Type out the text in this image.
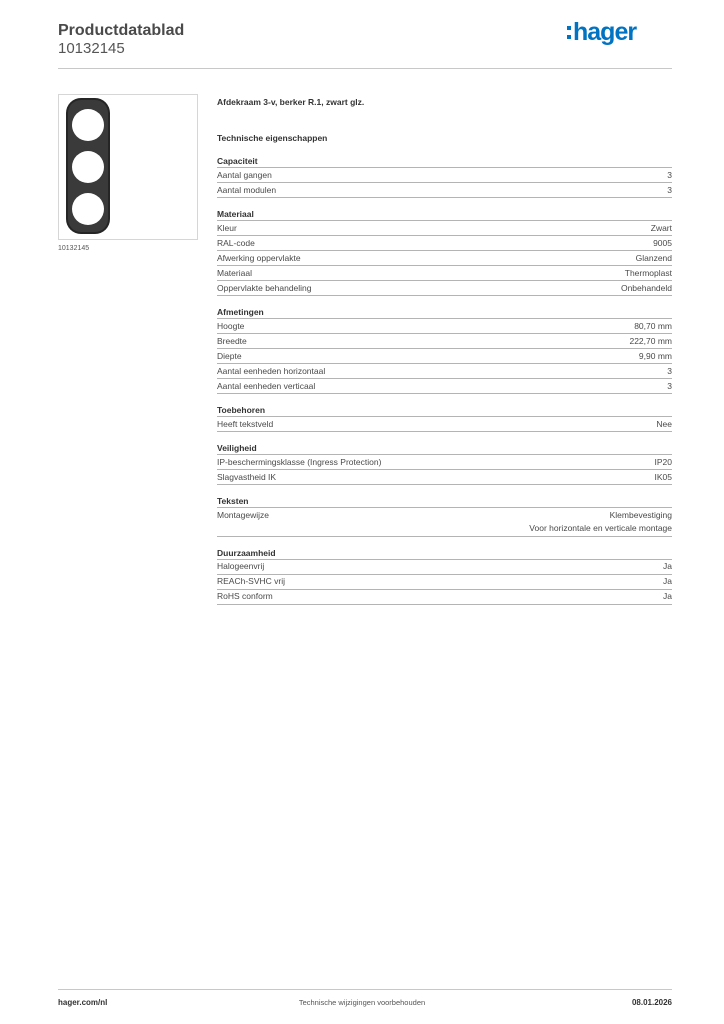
Productdatablad
10132145
hager
10132145
Afdekraam 3-v, berker R.1, zwart glz.
Technische eigenschappen
Capaciteit
Aantal gangen	3
Aantal modulen	3
Materiaal
Kleur	Zwart
RAL-code	9005
Afwerking oppervlakte	Glanzend
Materiaal	Thermoplast
Oppervlakte behandeling	Onbehandeld
Afmetingen
Hoogte	80,70 mm
Breedte	222,70 mm
Diepte	9,90 mm
Aantal eenheden horizontaal	3
Aantal eenheden verticaal	3
Toebehoren
Heeft tekstveld	Nee
Veiligheid
IP-beschermingsklasse (Ingress Protection)	IP20
Slagvastheid IK	IK05
Teksten
Montagewijze	Klembevestiging
Voor horizontale en verticale montage
Duurzaamheid
Halogeenvrij	Ja
REACh-SVHC vrij	Ja
RoHS conform	Ja
hager.com/nl	Technische wijzigingen voorbehouden	08.01.2026
